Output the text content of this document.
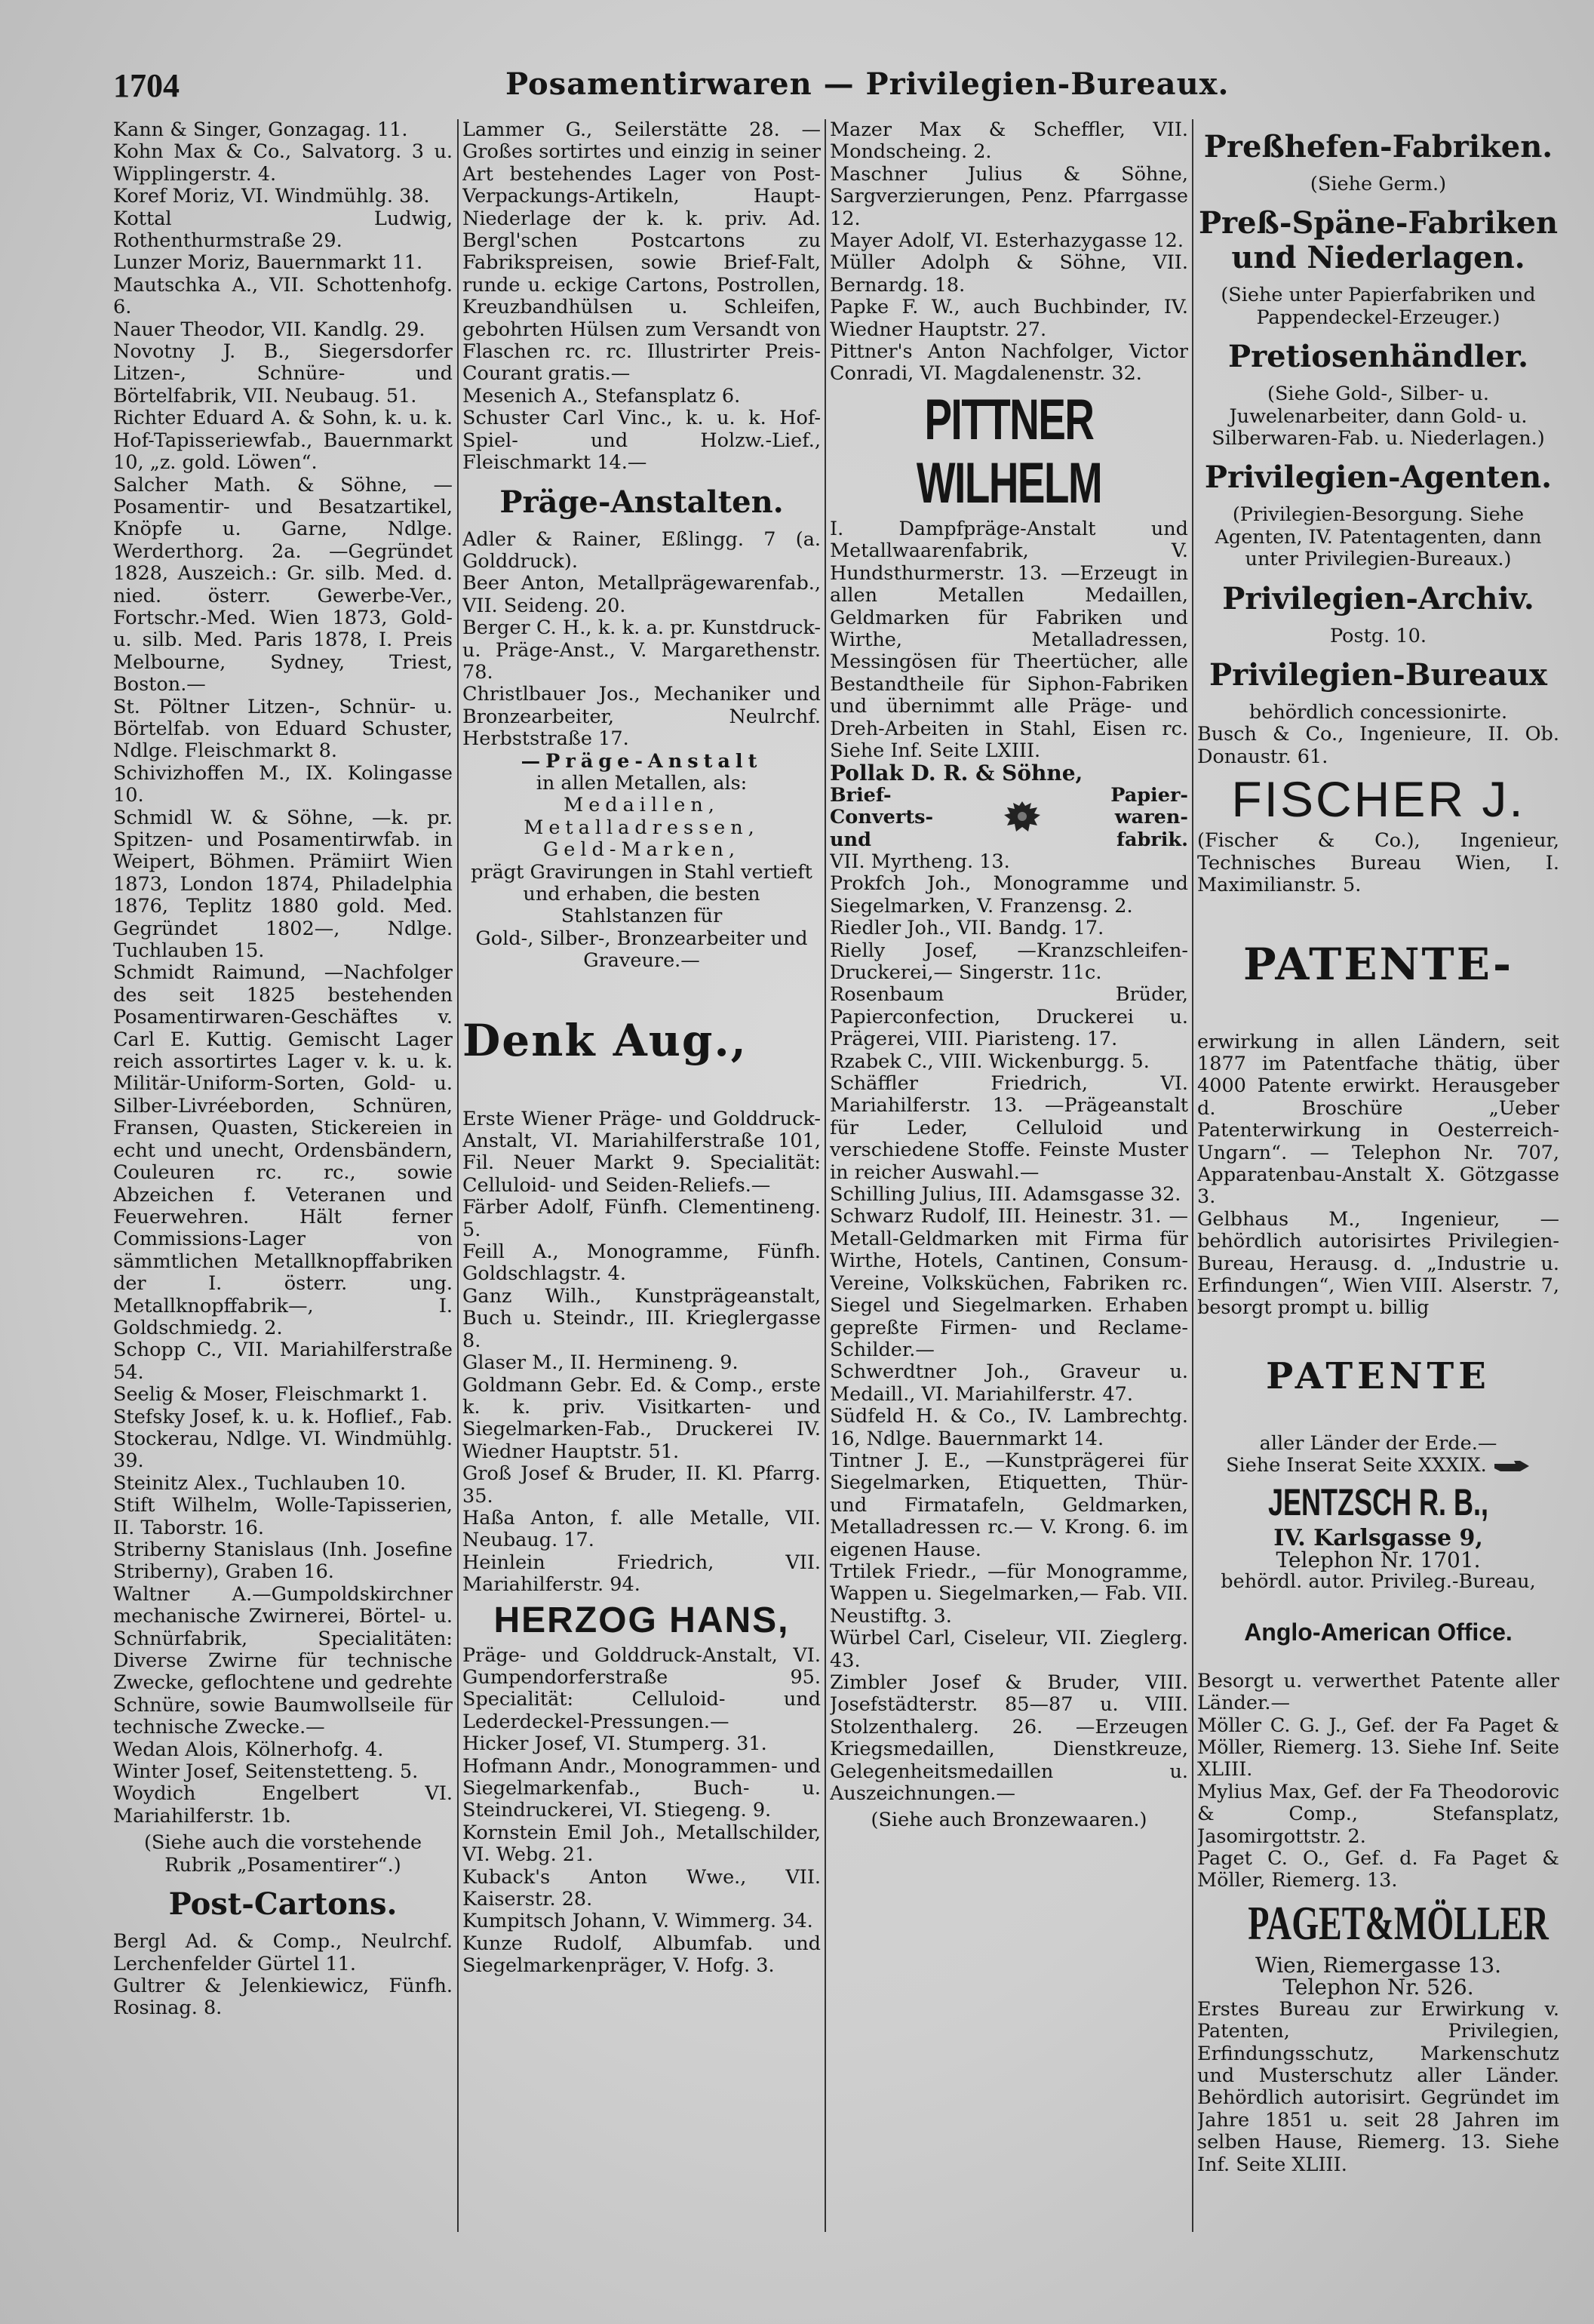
1704	Posamentirwaren — Privilegien-Bureaux.

Kann & Singer, Gonzagag. 11.

Kohn Max & Co., Salvatorg. 3 u. Wipplingerstr. 4.

Koref Moriz, VI. Windmühlg. 38.

Kottal Ludwig, Rothenthurmstraße 29.

Lunzer Moriz, Bauernmarkt 11.

Mautschka A., VII. Schottenhofg. 6.

Nauer Theodor, VII. Kandlg. 29.

Novotny J. B., Siegersdorfer Litzen-, Schnüre- und Börtelfabrik, VII. Neubaug. 51.

Richter Eduard A. & Sohn, k. u. k. Hof-Tapisseriewfab., Bauernmarkt 10, „z. gold. Löwen“.

Salcher Math. & Söhne, —Posamentir- und Besatzartikel, Knöpfe u. Garne, Ndlge. Werderthorg. 2a. —Gegründet 1828, Auszeich.: Gr. silb. Med. d. nied. österr. Gewerbe-Ver., Fortschr.-Med. Wien 1873, Gold- u. silb. Med. Paris 1878, I. Preis Melbourne, Sydney, Triest, Boston.—

St. Pöltner Litzen-, Schnür- u. Börtelfab. von Eduard Schuster, Ndlge. Fleischmarkt 8.

Schivizhoffen M., IX. Kolingasse 10.

Schmidl W. & Söhne, —k. pr. Spitzen- und Posamentirwfab. in Weipert, Böhmen. Prämiirt Wien 1873, London 1874, Philadelphia 1876, Teplitz 1880 gold. Med. Gegründet 1802—, Ndlge. Tuchlauben 15.

Schmidt Raimund, —Nachfolger des seit 1825 bestehenden Posamentirwaren-Geschäftes v. Carl E. Kuttig. Gemischt Lager reich assortirtes Lager v. k. u. k. Militär-Uniform-Sorten, Gold- u. Silber-Livréeborden, Schnüren, Fransen, Quasten, Stickereien in echt und unecht, Ordensbändern, Couleuren rc. rc., sowie Abzeichen f. Veteranen und Feuerwehren. Hält ferner Commissions-Lager von sämmtlichen Metallknopffabriken der I. österr. ung. Metallknopffabrik—, I. Goldschmiedg. 2.

Schopp C., VII. Mariahilferstraße 54.

Seelig & Moser, Fleischmarkt 1.

Stefsky Josef, k. u. k. Hoflief., Fab. Stockerau, Ndlge. VI. Windmühlg. 39.

Steinitz Alex., Tuchlauben 10.

Stift Wilhelm, Wolle-Tapisserien, II. Taborstr. 16.

Striberny Stanislaus (Inh. Josefine Striberny), Graben 16.

Waltner A.—Gumpoldskirchner mechanische Zwirnerei, Börtel- u. Schnürfabrik, Specialitäten: Diverse Zwirne für technische Zwecke, geflochtene und gedrehte Schnüre, sowie Baumwollseile für technische Zwecke.—

Wedan Alois, Kölnerhofg. 4.

Winter Josef, Seitenstetteng. 5.

Woydich Engelbert VI. Mariahilferstr. 1b.

(Siehe auch die vorstehende Rubrik „Posamentirer“.)

Post-Cartons.

Bergl Ad. & Comp., Neulrchf. Lerchenfelder Gürtel 11.

Gultrer & Jelenkiewicz, Fünfh. Rosinag. 8.

Lammer G., Seilerstätte 28. —Großes sortirtes und einzig in seiner Art bestehendes Lager von Post-Verpackungs-Artikeln, Haupt-Niederlage der k. k. priv. Ad. Bergl'schen Postcartons zu Fabrikspreisen, sowie Brief-Falt, runde u. eckige Cartons, Postrollen, Kreuzbandhülsen u. Schleifen, gebohrten Hülsen zum Versandt von Flaschen rc. rc. Illustrirter Preis-Courant gratis.—

Mesenich A., Stefansplatz 6.

Schuster Carl Vinc., k. u. k. Hof-Spiel- und Holzw.-Lief., Fleischmarkt 14.—

Präge-Anstalten.

Adler & Rainer, Eßlingg. 7 (a. Golddruck).

Beer Anton, Metallprägewarenfab., VII. Seideng. 20.

Berger C. H., k. k. a. pr. Kunstdruck- u. Präge-Anst., V. Margarethenstr. 78.

Christlbauer Jos., Mechaniker und Bronzearbeiter, Neulrchf. Herbststraße 17.

—Präge-Anstalt

in allen Metallen, als:

Medaillen,

Metalladressen,

Geld-Marken,

prägt Gravirungen in Stahl vertieft und erhaben, die besten Stahlstanzen für

Gold-, Silber-, Bronzearbeiter und Graveure.—

Denk Aug.,

Erste Wiener Präge- und Golddruck-Anstalt, VI. Mariahilferstraße 101, Fil. Neuer Markt 9. Specialität: Celluloid- und Seiden-Reliefs.—

Färber Adolf, Fünfh. Clementineng. 5.

Feill A., Monogramme, Fünfh. Goldschlagstr. 4.

Ganz Wilh., Kunstprägeanstalt, Buch u. Steindr., III. Krieglergasse 8.

Glaser M., II. Hermineng. 9.

Goldmann Gebr. Ed. & Comp., erste k. k. priv. Visitkarten- und Siegelmarken-Fab., Druckerei IV. Wiedner Hauptstr. 51.

Groß Josef & Bruder, II. Kl. Pfarrg. 35.

Haßa Anton, f. alle Metalle, VII. Neubaug. 17.

Heinlein Friedrich, VII. Mariahilferstr. 94.

HERZOG HANS,

Präge- und Golddruck-Anstalt, VI. Gumpendorferstraße 95. Specialität: Celluloid- und Lederdeckel-Pressungen.—

Hicker Josef, VI. Stumperg. 31.

Hofmann Andr., Monogrammen- und Siegelmarkenfab., Buch- u. Steindruckerei, VI. Stiegeng. 9.

Kornstein Emil Joh., Metallschilder, VI. Webg. 21.

Kuback's Anton Wwe., VII. Kaiserstr. 28.

Kumpitsch Johann, V. Wimmerg. 34.

Kunze Rudolf, Albumfab. und Siegelmarkenpräger, V. Hofg. 3.

Mazer Max & Scheffler, VII. Mondscheing. 2.

Maschner Julius & Söhne, Sargverzierungen, Penz. Pfarrgasse 12.

Mayer Adolf, VI. Esterhazygasse 12.

Müller Adolph & Söhne, VII. Bernardg. 18.

Papke F. W., auch Buchbinder, IV. Wiedner Hauptstr. 27.

Pittner's Anton Nachfolger, Victor Conradi, VI. Magdalenenstr. 32.

PITTNER WILHELM

I. Dampfpräge-Anstalt und Metallwaarenfabrik, V. Hundsthurmerstr. 13. —Erzeugt in allen Metallen Medaillen, Geldmarken für Fabriken und Wirthe, Metalladressen, Messingösen für Theertücher, alle Bestandtheile für Siphon-Fabriken und übernimmt alle Präge- und Dreh-Arbeiten in Stahl, Eisen rc. Siehe Inf. Seite LXIII.

Pollak D. R. & Söhne,

Brief-
Converts-
und
Papier-
waren-
fabrik.

VII. Myrtheng. 13.

Prokfch Joh., Monogramme und Siegelmarken, V. Franzensg. 2.

Riedler Joh., VII. Bandg. 17.

Rielly Josef, —Kranzschleifen-Druckerei,— Singerstr. 11c.

Rosenbaum Brüder, Papierconfection, Druckerei u. Prägerei, VIII. Piaristeng. 17.

Rzabek C., VIII. Wickenburgg. 5.

Schäffler Friedrich, VI. Mariahilferstr. 13. —Prägeanstalt für Leder, Celluloid und verschiedene Stoffe. Feinste Muster in reicher Auswahl.—

Schilling Julius, III. Adamsgasse 32.

Schwarz Rudolf, III. Heinestr. 31. —Metall-Geldmarken mit Firma für Wirthe, Hotels, Cantinen, Consum-Vereine, Volksküchen, Fabriken rc. Siegel und Siegelmarken. Erhaben gepreßte Firmen- und Reclame-Schilder.—

Schwerdtner Joh., Graveur u. Medaill., VI. Mariahilferstr. 47.

Südfeld H. & Co., IV. Lambrechtg. 16, Ndlge. Bauernmarkt 14.

Tintner J. E., —Kunstprägerei für Siegelmarken, Etiquetten, Thür- und Firmatafeln, Geldmarken, Metalladressen rc.— V. Krong. 6. im eigenen Hause.

Trtilek Friedr., —für Monogramme, Wappen u. Siegelmarken,— Fab. VII. Neustiftg. 3.

Würbel Carl, Ciseleur, VII. Zieglerg. 43.

Zimbler Josef & Bruder, VIII. Josefstädterstr. 85—87 u. VIII. Stolzenthalerg. 26. —Erzeugen Kriegsmedaillen, Dienstkreuze, Gelegenheitsmedaillen u. Auszeichnungen.—

(Siehe auch Bronzewaaren.)

Preßhefen-Fabriken.

(Siehe Germ.)

Preß-Späne-Fabriken und Niederlagen.

(Siehe unter Papierfabriken und Pappendeckel-Erzeuger.)

Pretiosenhändler.

(Siehe Gold-, Silber- u. Juwelenarbeiter, dann Gold- u. Silberwaren-Fab. u. Niederlagen.)

Privilegien-Agenten.

(Privilegien-Besorgung. Siehe Agenten, IV. Patentagenten, dann unter Privilegien-Bureaux.)

Privilegien-Archiv.

Postg. 10.

Privilegien-Bureaux

behördlich concessionirte.

Busch & Co., Ingenieure, II. Ob. Donaustr. 61.

FISCHER J.

(Fischer & Co.), Ingenieur, Technisches Bureau Wien, I. Maximilianstr. 5.

PATENTE-

erwirkung in allen Ländern, seit 1877 im Patentfache thätig, über 4000 Patente erwirkt. Herausgeber d. Broschüre „Ueber Patenterwirkung in Oesterreich-Ungarn“. — Telephon Nr. 707, Apparatenbau-Anstalt X. Götzgasse 3.

Gelbhaus M., Ingenieur, —behördlich autorisirtes Privilegien-Bureau, Herausg. d. „Industrie u. Erfindungen“, Wien VIII. Alserstr. 7, besorgt prompt u. billig

PATENTE

aller Länder der Erde.—

Siehe Inserat Seite XXXIX.

JENTZSCH R. B.,

IV. Karlsgasse 9,

Telephon Nr. 1701.

behördl. autor. Privileg.-Bureau,

Anglo-American Office.

Besorgt u. verwerthet Patente aller Länder.—

Möller C. G. J., Gef. der Fa Paget & Möller, Riemerg. 13. Siehe Inf. Seite XLIII.

Mylius Max, Gef. der Fa Theodorovic & Comp., Stefansplatz, Jasomirgottstr. 2.

Paget C. O., Gef. d. Fa Paget & Möller, Riemerg. 13.

PAGET&MÖLLER

Wien, Riemergasse 13.

Telephon Nr. 526.

Erstes Bureau zur Erwirkung v. Patenten, Privilegien, Erfindungsschutz, Markenschutz und Musterschutz aller Länder. Behördlich autorisirt. Gegründet im Jahre 1851 u. seit 28 Jahren im selben Hause, Riemerg. 13. Siehe Inf. Seite XLIII.
